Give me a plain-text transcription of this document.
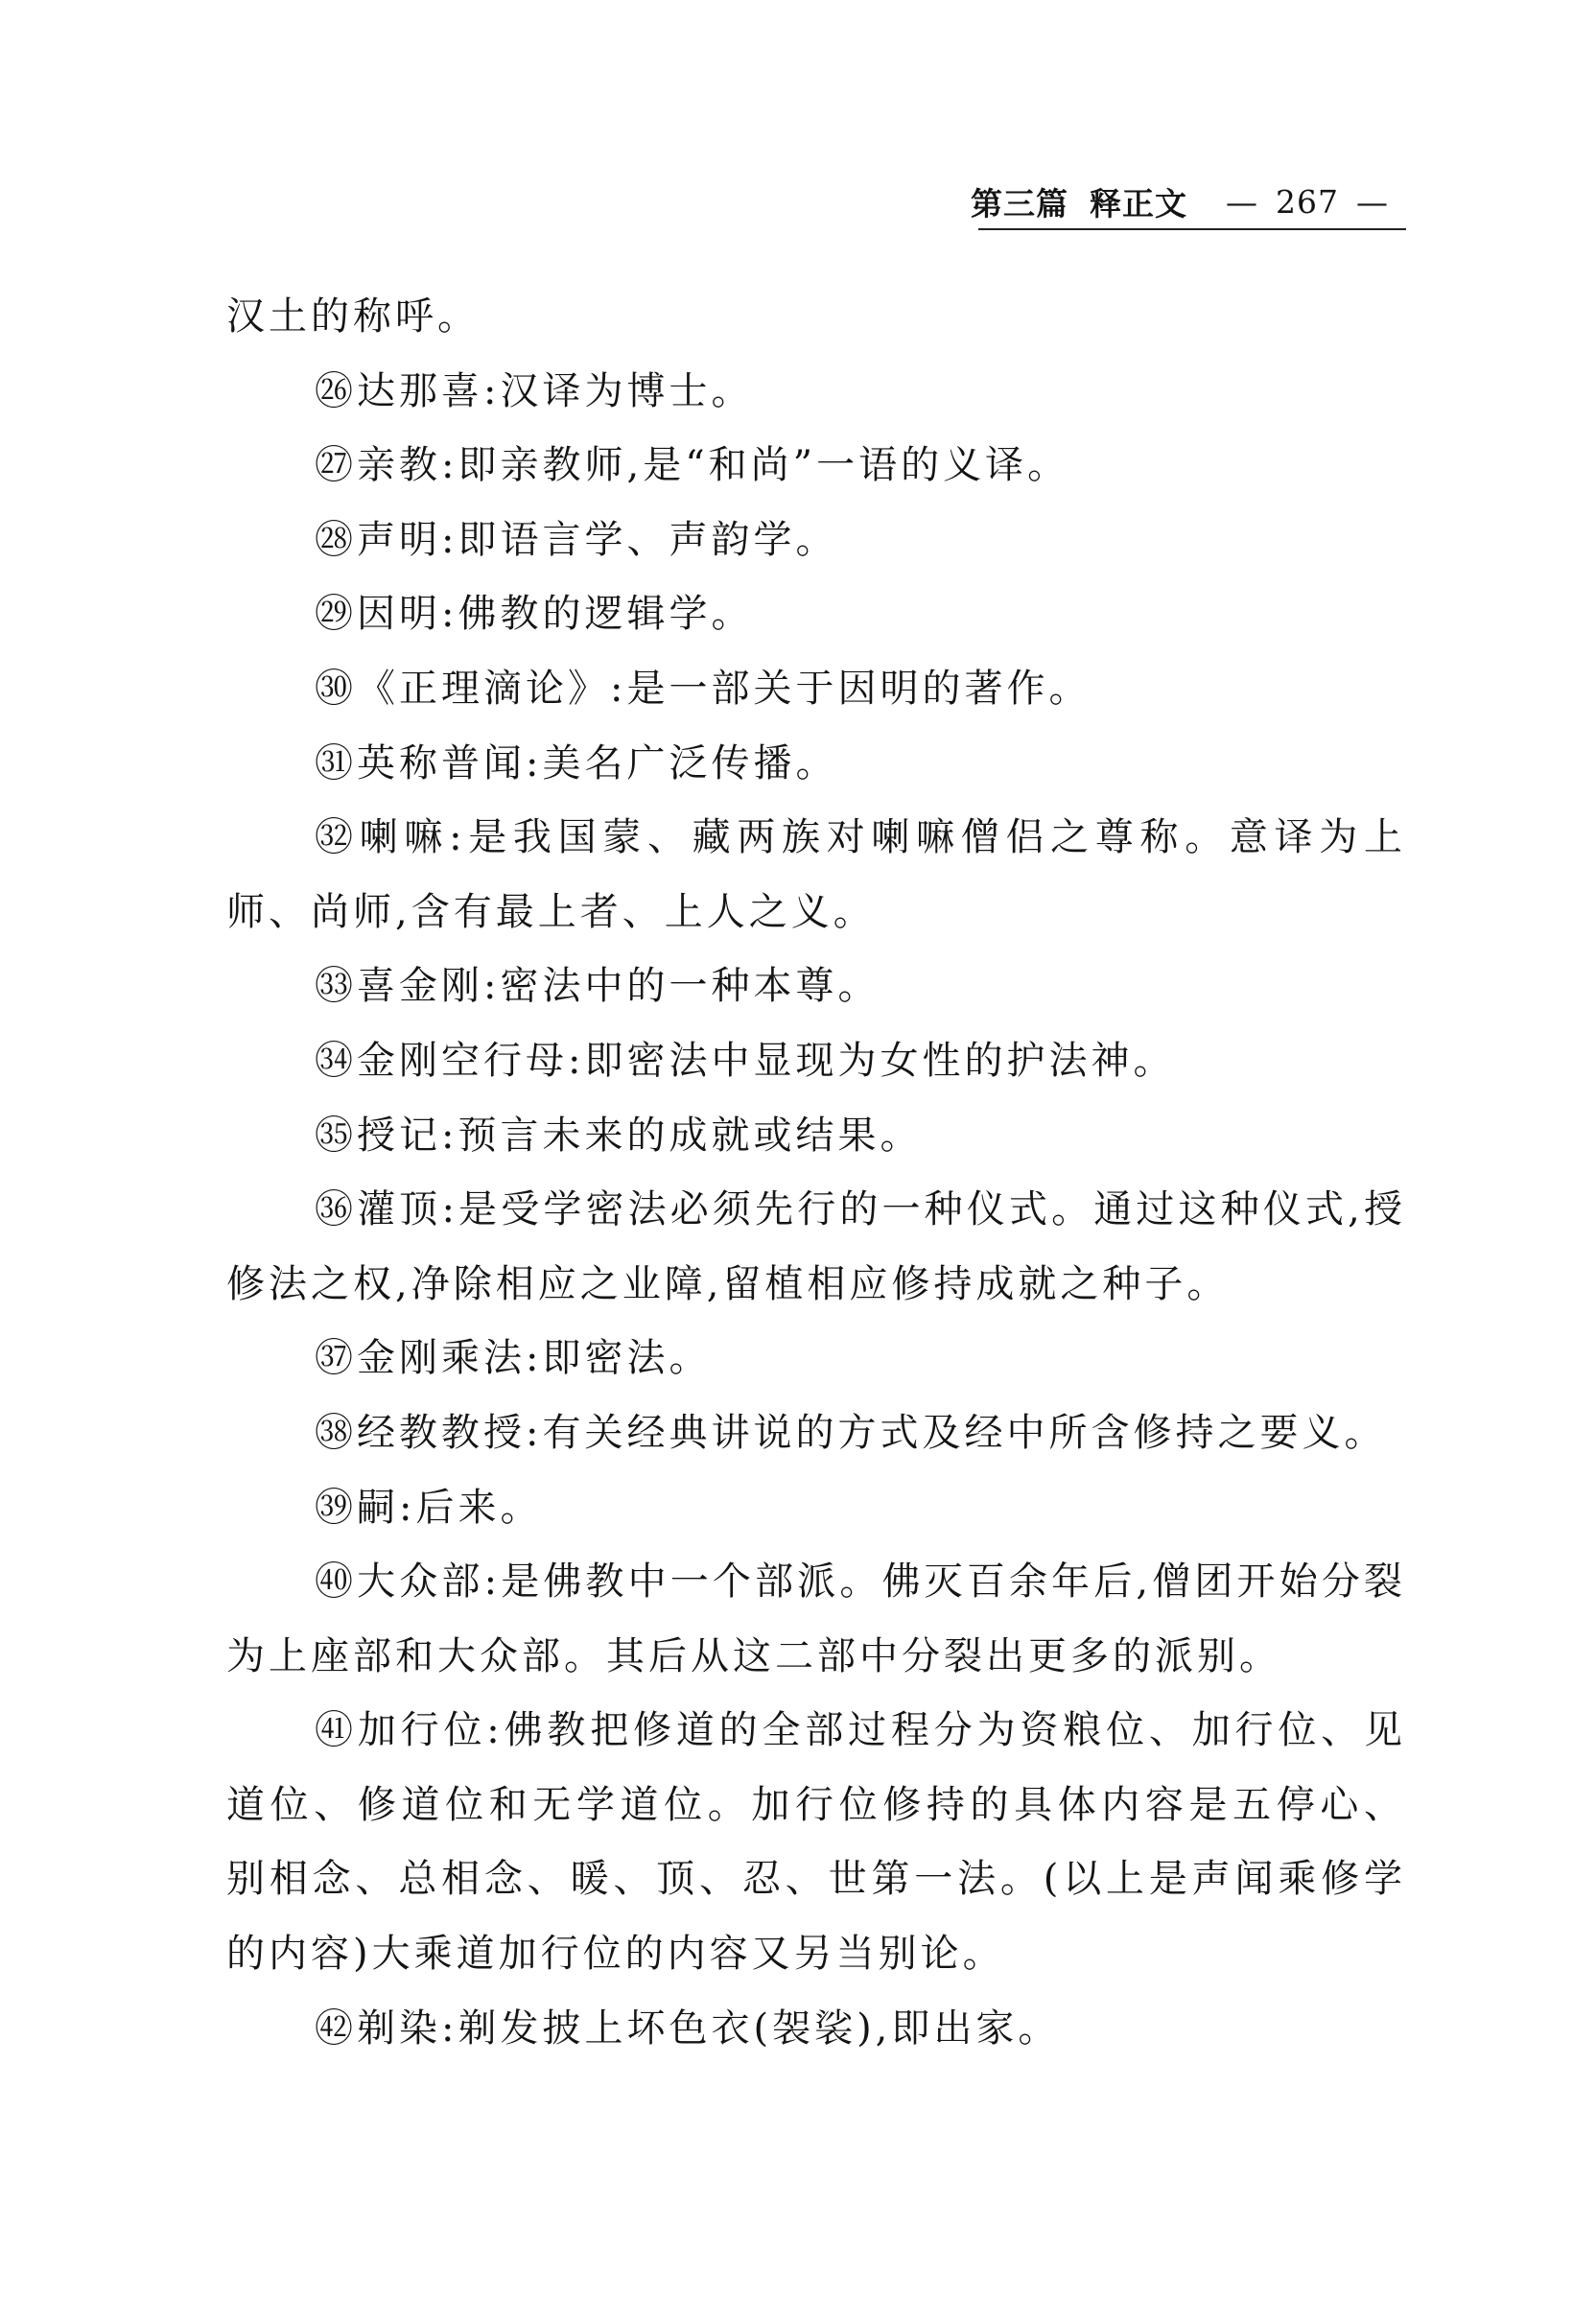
第三篇 释正文 — 267 —

汉土的称呼。

㉖达那喜:汉译为博士。

㉗亲教:即亲教师,是“和尚”一语的义译。

㉘声明:即语言学、声韵学。

㉙因明:佛教的逻辑学。

㉚《正理滴论》:是一部关于因明的著作。

㉛英称普闻:美名广泛传播。

㉜喇嘛:是我国蒙、藏两族对喇嘛僧侣之尊称。意译为上师、尚师,含有最上者、上人之义。

㉝喜金刚:密法中的一种本尊。

㉞金刚空行母:即密法中显现为女性的护法神。

㉟授记:预言未来的成就或结果。

㊱灌顶:是受学密法必须先行的一种仪式。通过这种仪式,授修法之权,净除相应之业障,留植相应修持成就之种子。

㊲金刚乘法:即密法。

㊳经教教授:有关经典讲说的方式及经中所含修持之要义。

㊴嗣:后来。

㊵大众部:是佛教中一个部派。佛灭百余年后,僧团开始分裂为上座部和大众部。其后从这二部中分裂出更多的派别。

㊶加行位:佛教把修道的全部过程分为资粮位、加行位、见道位、修道位和无学道位。加行位修持的具体内容是五停心、别相念、总相念、暖、顶、忍、世第一法。(以上是声闻乘修学的内容)大乘道加行位的内容又另当别论。

㊷剃染:剃发披上坏色衣(袈裟),即出家。
